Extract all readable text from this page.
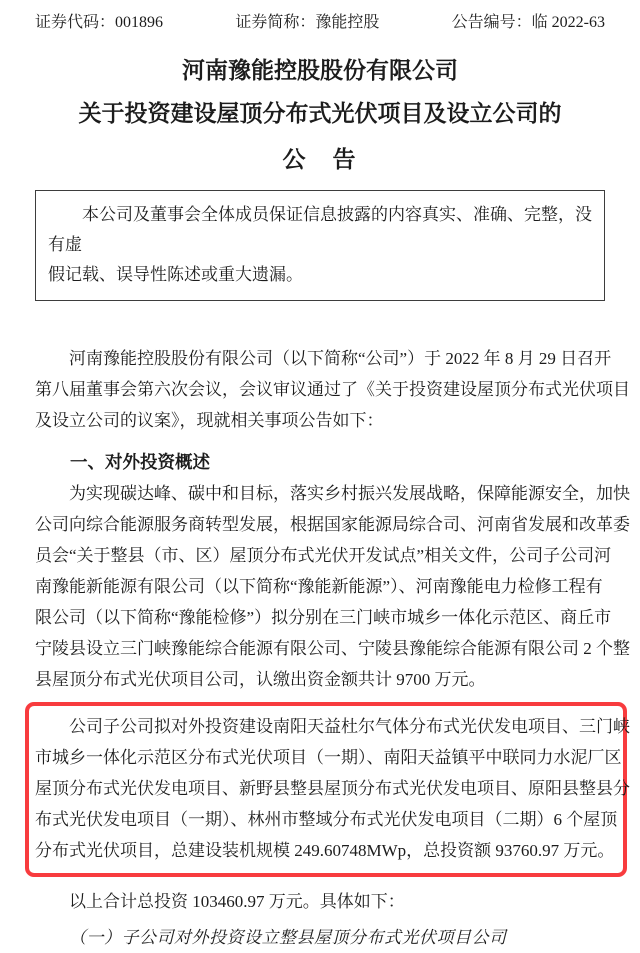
证券代码：001896	证券简称：豫能控股	公告编号：临 2022-63
河南豫能控股股份有限公司
关于投资建设屋顶分布式光伏项目及设立公司的
公　告

本公司及董事会全体成员保证信息披露的内容真实、准确、完整，没有虚

假记载、误导性陈述或重大遗漏。

河南豫能控股股份有限公司（以下简称“公司”）于 2022 年 8 月 29 日召开

第八届董事会第六次会议，会议审议通过了《关于投资建设屋顶分布式光伏项目

及设立公司的议案》，现就相关事项公告如下：

一、对外投资概述

为实现碳达峰、碳中和目标，落实乡村振兴发展战略，保障能源安全，加快

公司向综合能源服务商转型发展，根据国家能源局综合司、河南省发展和改革委

员会“关于整县（市、区）屋顶分布式光伏开发试点”相关文件，公司子公司河

南豫能新能源有限公司（以下简称“豫能新能源”）、河南豫能电力检修工程有

限公司（以下简称“豫能检修”）拟分别在三门峡市城乡一体化示范区、商丘市

宁陵县设立三门峡豫能综合能源有限公司、宁陵县豫能综合能源有限公司 2 个整

县屋顶分布式光伏项目公司，认缴出资金额共计 9700 万元。

公司子公司拟对外投资建设南阳天益杜尔气体分布式光伏发电项目、三门峡

市城乡一体化示范区分布式光伏项目（一期）、南阳天益镇平中联同力水泥厂区

屋顶分布式光伏发电项目、新野县整县屋顶分布式光伏发电项目、原阳县整县分

布式光伏发电项目（一期）、林州市整域分布式光伏发电项目（二期）6 个屋顶

分布式光伏项目，总建设装机规模 249.60748MWp，总投资额 93760.97 万元。

以上合计总投资 103460.97 万元。具体如下：

（一）子公司对外投资设立整县屋顶分布式光伏项目公司
